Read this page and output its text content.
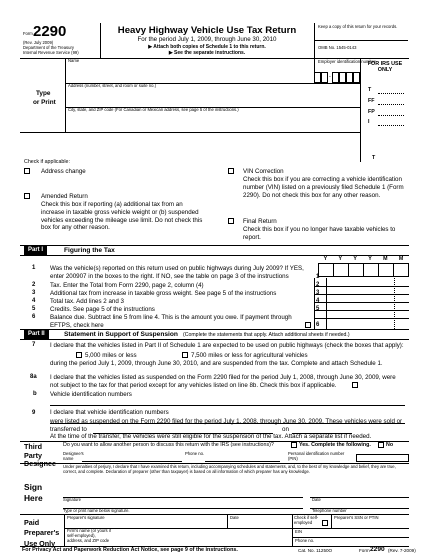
Form 2290
(Rev. July 2009)
Department of the Treasury
Internal Revenue Service (99)
Heavy Highway Vehicle Use Tax Return
For the period July 1, 2009, through June 30, 2010
▶ Attach both copies of Schedule 1 to this return.
▶ See the separate instructions.
Keep a copy of this return for your records.
OMB No. 1545-0143
Type
or Print
Name	Employer identification number
-
FOR IRS USE ONLY
Address (number, street, and room or suite no.)
City, state, and ZIP code (For Canadian or Mexican address, see page 5 of the instructions.)
T
FF
FP
I
T
Check if applicable:
Address change
Amended Return
Check this box if reporting (a) additional tax from an increase in taxable gross vehicle weight or (b) suspended vehicles exceeding the mileage use limit. Do not check this box for any other reason.
VIN Correction
Check this box if you are correcting a vehicle identification number (VIN) listed on a previously filed Schedule 1 (Form 2290). Do not check this box for any other reason.
Final Return
Check this box if you no longer have taxable vehicles to report.
Part I	Figuring the Tax
Y Y Y Y M M
1 Was the vehicle(s) reported on this return used on public highways during July 2009? If YES, enter 200907 in the boxes to the right. If NO, see the table on page 3 of the instructions	1
2 Tax. Enter the Total from Form 2290, page 2, column (4)	2
3 Additional tax from increase in taxable gross weight. See page 5 of the instructions	3
4 Total tax. Add lines 2 and 3	4
5 Credits. See page 5 of the instructions	5
6 Balance due. Subtract line 5 from line 4. This is the amount you owe. If payment through EFTPS, check here	6
Part II	Statement in Support of Suspension (Complete the statements that apply. Attach additional sheets if needed.)
7 I declare that the vehicles listed in Part II of Schedule 1 are expected to be used on public highways (check the boxes that apply):
5,000 miles or less	7,500 miles or less for agricultural vehicles
during the period July 1, 2009, through June 30, 2010, and are suspended from the tax. Complete and attach Schedule 1.
8a I declare that the vehicles listed as suspended on the Form 2290 filed for the period July 1, 2008, through June 30, 2009, were not subject to the tax for that period except for any vehicles listed on line 8b. Check this box if applicable.
b Vehicle identification numbers
9 I declare that vehicle identification numbers
were listed as suspended on the Form 2290 filed for the period July 1, 2008, through June 30, 2009. These vehicles were sold or
transferred to	on
At the time of the transfer, the vehicles were still eligible for the suspension of the tax. Attach a separate list if needed.
Third Party Designee
Do you want to allow another person to discuss this return with the IRS (see instructions)?	Yes. Complete the following.	No
Designee's name
Phone no.	Personal identification number (PIN)
Sign Here
Under penalties of perjury, I declare that I have examined this return, including accompanying schedules and statements, and, to the best of my knowledge and belief, they are true, correct, and complete. Declaration of preparer (other than taxpayer) is based on all information of which preparer has any knowledge.
Signature	Date
Type or print name below signature.	Telephone number
Paid Preparer's Use Only
Preparer's signature	Date	Check if self-employed
Preparer's SSN or PTIN
Firm's name (or yours if self-employed), address, and ZIP code
EIN
Phone no.
For Privacy Act and Paperwork Reduction Act Notice, see page 9 of the instructions.	Cat. No. 11250O	Form 2290 (Rev. 7-2009)
